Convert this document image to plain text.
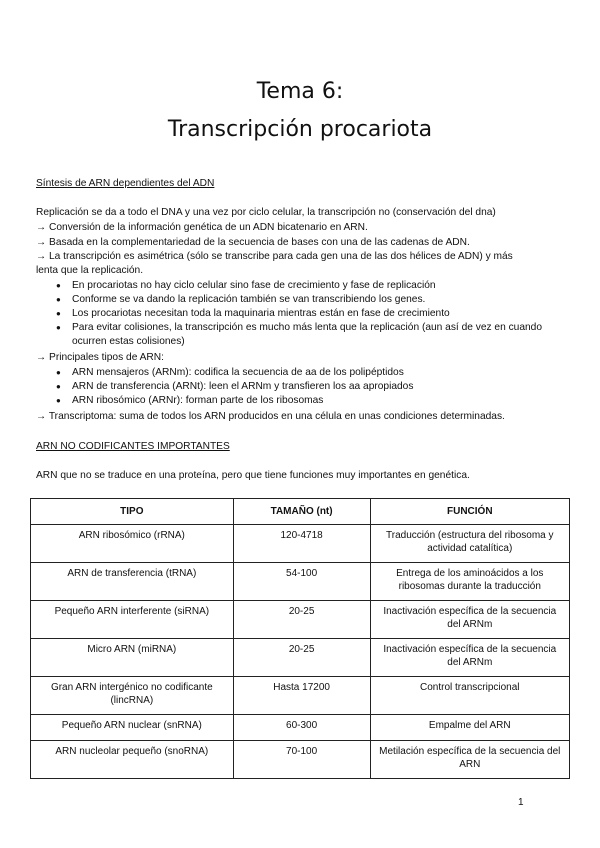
Tema 6:
Transcripción procariota
Síntesis de ARN dependientes del ADN
Replicación se da a todo el DNA y una vez por ciclo celular, la transcripción no (conservación del dna)
→ Conversión de la información genética de un ADN bicatenario en ARN.
→ Basada en la complementariedad de la secuencia de bases con una de las cadenas de ADN.
→ La transcripción es asimétrica (sólo se transcribe para cada gen una de las dos hélices de ADN) y más
lenta que la replicación.
● En procariotas no hay ciclo celular sino fase de crecimiento y fase de replicación
● Conforme se va dando la replicación también se van transcribiendo los genes.
● Los procariotas necesitan toda la maquinaria mientras están en fase de crecimiento
● Para evitar colisiones, la transcripción es mucho más lenta que la replicación (aun así de vez en cuando ocurren estas colisiones)
→ Principales tipos de ARN:
● ARN mensajeros (ARNm): codifica la secuencia de aa de los polipéptidos
● ARN de transferencia (ARNt): leen el ARNm y transfieren los aa apropiados
● ARN ribosómico (ARNr): forman parte de los ribosomas
→ Transcriptoma: suma de todos los ARN producidos en una célula en unas condiciones determinadas.
ARN NO CODIFICANTES IMPORTANTES
ARN que no se traduce en una proteína, pero que tiene funciones muy importantes en genética.
TIPO	TAMAÑO (nt)	FUNCIÓN
ARN ribosómico (rRNA)	120-4718	Traducción (estructura del ribosoma y actividad catalítica)
ARN de transferencia (tRNA)	54-100	Entrega de los aminoácidos a los ribosomas durante la traducción
Pequeño ARN interferente (siRNA)	20-25	Inactivación específica de la secuencia del ARNm
Micro ARN (miRNA)	20-25	Inactivación específica de la secuencia del ARNm
Gran ARN intergénico no codificante (lincRNA)	Hasta 17200	Control transcripcional
Pequeño ARN nuclear (snRNA)	60-300	Empalme del ARN
ARN nucleolar pequeño (snoRNA)	70-100	Metilación específica de la secuencia del ARN
1
